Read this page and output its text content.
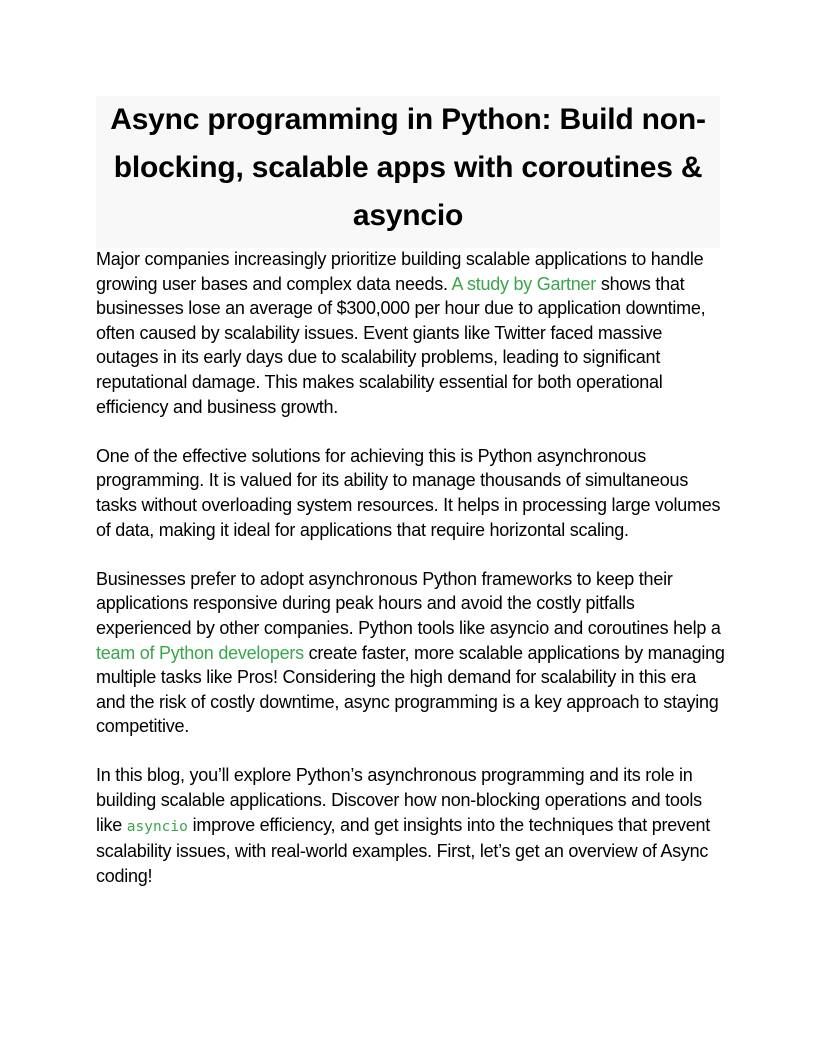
Async programming in Python: Build non-blocking, scalable apps with coroutines & asyncio

Major companies increasingly prioritize building scalable applications to handle growing user bases and complex data needs. A study by Gartner shows that businesses lose an average of $300,000 per hour due to application downtime, often caused by scalability issues. Event giants like Twitter faced massive outages in its early days due to scalability problems, leading to significant reputational damage. This makes scalability essential for both operational efficiency and business growth.

One of the effective solutions for achieving this is Python asynchronous programming. It is valued for its ability to manage thousands of simultaneous tasks without overloading system resources. It helps in processing large volumes of data, making it ideal for applications that require horizontal scaling.

Businesses prefer to adopt asynchronous Python frameworks to keep their applications responsive during peak hours and avoid the costly pitfalls experienced by other companies. Python tools like asyncio and coroutines help a team of Python developers create faster, more scalable applications by managing multiple tasks like Pros! Considering the high demand for scalability in this era and the risk of costly downtime, async programming is a key approach to staying competitive.

In this blog, you’ll explore Python’s asynchronous programming and its role in building scalable applications. Discover how non-blocking operations and tools like asyncio improve efficiency, and get insights into the techniques that prevent scalability issues, with real-world examples. First, let’s get an overview of Async coding!
